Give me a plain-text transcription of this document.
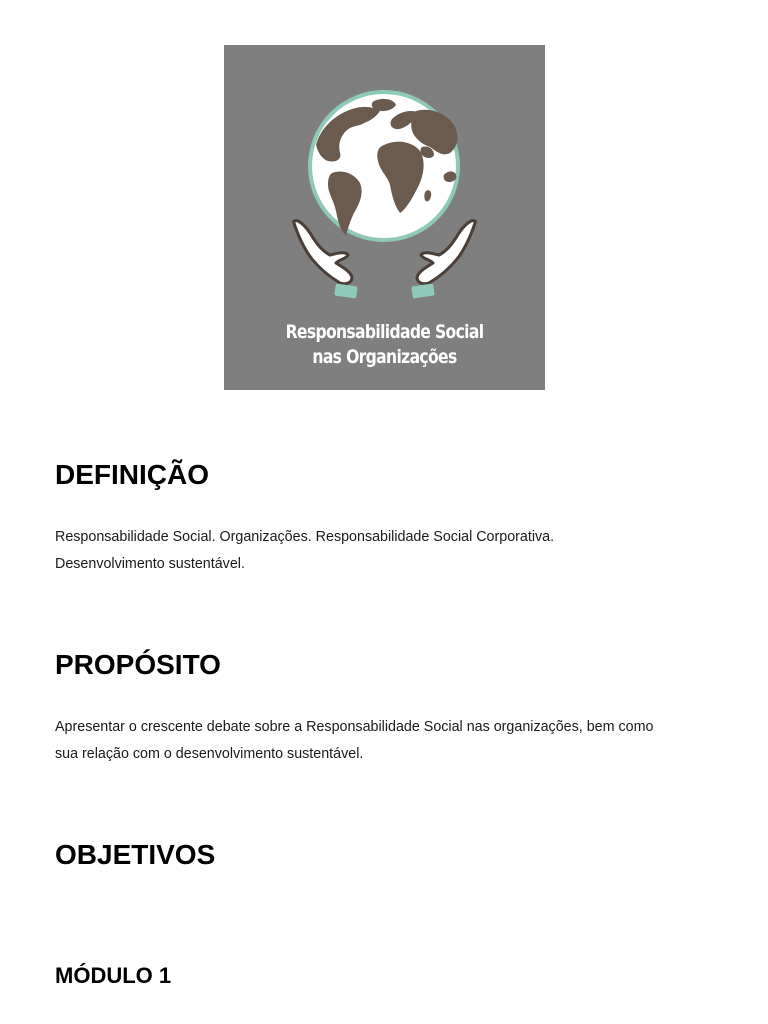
Responsabilidade Social
nas Organizações
DEFINIÇÃO

Responsabilidade Social. Organizações. Responsabilidade Social Corporativa.

Desenvolvimento sustentável.

PROPÓSITO

Apresentar o crescente debate sobre a Responsabilidade Social nas organizações, bem como

sua relação com o desenvolvimento sustentável.

OBJETIVOS
MÓDULO 1
